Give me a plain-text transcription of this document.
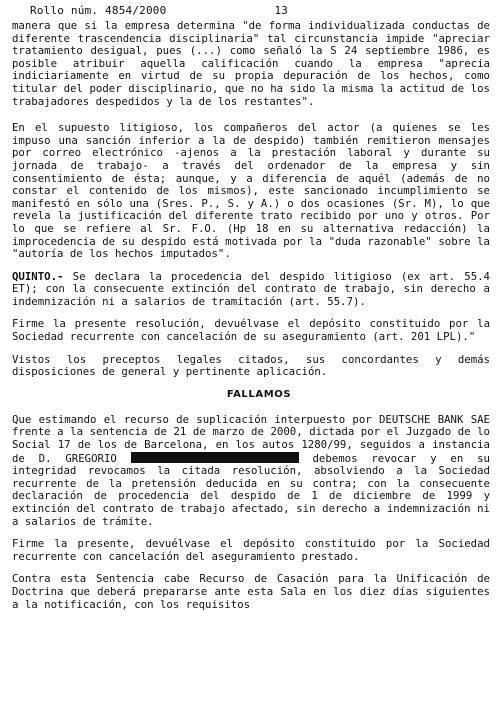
Rollo núm. 4854/2000	13

manera que si la empresa determina "de forma individualizada conductas de diferente trascendencia disciplinaria" tal circunstancia impide "apreciar tratamiento desigual, pues (...) como señaló la S 24 septiembre 1986, es posible atribuir aquella calificación cuando la empresa "aprecia indiciariamente en virtud de su propia depuración de los hechos, como titular del poder disciplinario, que no ha sido la misma la actitud de los trabajadores despedidos y la de los restantes".

En el supuesto litigioso, los compañeros del actor (a quienes se les impuso una sanción inferior a la de despido) también remitieron mensajes por correo electrónico -ajenos a la prestación laboral y durante su jornada de trabajo- a través del ordenador de la empresa y sin consentimiento de ésta; aunque, y a diferencia de aquél (además de no constar el contenido de los mismos), este sancionado incumplimiento se manifestó en sólo una (Sres. P., S. y A.) o dos ocasiones (Sr. M), lo que revela la justificación del diferente trato recibido por uno y otros. Por lo que se refiere al Sr. F.O. (Hp 18 en su alternativa redacción) la improcedencia de su despido está motivada por la "duda razonable" sobre la "autoría de los hechos imputados".

QUINTO.- Se declara la procedencia del despido litigioso (ex art. 55.4 ET); con la consecuente extinción del contrato de trabajo, sin derecho a indemnización ni a salarios de tramitación (art. 55.7).

Firme la presente resolución, devuélvase el depósito constituido por la Sociedad recurrente con cancelación de su aseguramiento (art. 201 LPL)."

Vistos los preceptos legales citados, sus concordantes y demás disposiciones de general y pertinente aplicación.

FALLAMOS

Que estimando el recurso de suplicación interpuesto por DEUTSCHE BANK SAE frente a la sentencia de 21 de marzo de 2000, dictada por el Juzgado de lo Social 17 de los de Barcelona, en los autos 1280/99, seguidos a instancia de D. GREGORIO	debemos revocar y en su integridad revocamos la citada resolución, absolviendo a la Sociedad recurrente de la pretensión deducida en su contra; con la consecuente declaración de procedencia del despido de 1 de diciembre de 1999 y extinción del contrato de trabajo afectado, sin derecho a indemnización ni a salarios de trámite.

Firme la presente, devuélvase el depósito constituido por la Sociedad recurrente con cancelación del aseguramiento prestado.

Contra esta Sentencia cabe Recurso de Casación para la Unificación de Doctrina que deberá prepararse ante esta Sala en los diez días siguientes a la notificación, con los requisitos
